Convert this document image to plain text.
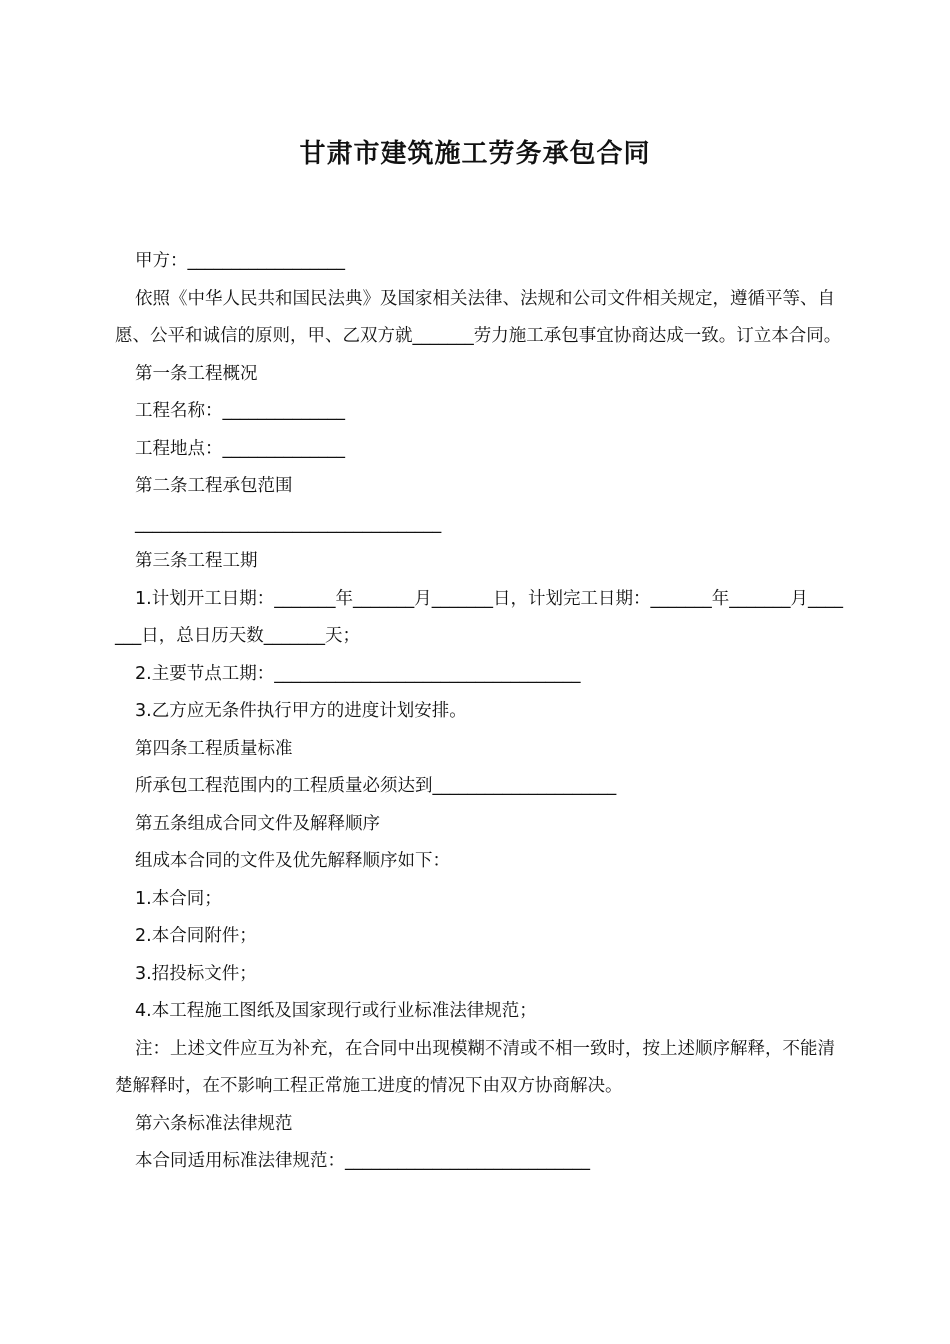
甘肃市建筑施工劳务承包合同

甲方：__________________

依照《中华人民共和国民法典》及国家相关法律、法规和公司文件相关规定，遵循平等、自愿、公平和诚信的原则，甲、乙双方就_______劳力施工承包事宜协商达成一致。订立本合同。

第一条工程概况

工程名称：______________

工程地点：______________

第二条工程承包范围

___________________________________

第三条工程工期

1.计划开工日期：_______年_______月_______日，计划完工日期：_______年_______月_______日，总日历天数_______天；

2.主要节点工期：___________________________________

3.乙方应无条件执行甲方的进度计划安排。

第四条工程质量标准

所承包工程范围内的工程质量必须达到_____________________

第五条组成合同文件及解释顺序

组成本合同的文件及优先解释顺序如下：

1.本合同；

2.本合同附件；

3.招投标文件；

4.本工程施工图纸及国家现行或行业标准法律规范；

注：上述文件应互为补充，在合同中出现模糊不清或不相一致时，按上述顺序解释，不能清楚解释时，在不影响工程正常施工进度的情况下由双方协商解决。

第六条标准法律规范

本合同适用标准法律规范：____________________________
